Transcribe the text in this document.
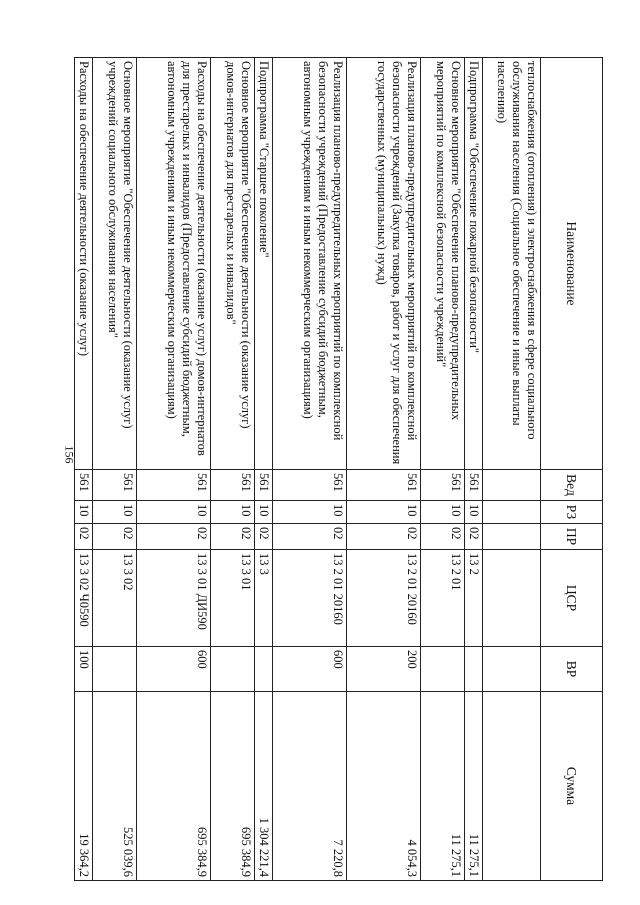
156
Наименование	Вед	РЗ	ПР	ЦСР	ВР	Сумма
теплоснабжения (отопления) и электроснабжения в сфере социального обслуживания населения (Социальное обеспечение и иные выплаты населению)						
Подпрограмма "Обеспечение пожарной безопасности"	561	10	02	13 2		11 275,1
Основное мероприятие "Обеспечение планово-предупредительных мероприятий по комплексной безопасности учреждений"	561	10	02	13 2 01		11 275,1
Реализация планово-предупредительных мероприятий по комплексной безопасности учреждений (Закупка товаров, работ и услуг для обеспечения государственных (муниципальных) нужд)	561	10	02	13 2 01 20160	200	4 054,3
Реализация планово-предупредительных мероприятий по комплексной безопасности учреждений (Предоставление субсидий бюджетным, автономным учреждениям и иным некоммерческим организациям)	561	10	02	13 2 01 20160	600	7 220,8
Подпрограмма "Старшее поколение"	561	10	02	13 3		1 304 221,4
Основное мероприятие "Обеспечение деятельности (оказание услуг) домов-интернатов для престарелых и инвалидов"	561	10	02	13 3 01		695 384,9
Расходы на обеспечение деятельности (оказание услуг) домов-интернатов для престарелых и инвалидов (Предоставление субсидий бюджетным, автономным учреждениям и иным некоммерческим организациям)	561	10	02	13 3 01 ДИ590	600	695 384,9
Основное мероприятие "Обеспечение деятельности (оказание услуг) учреждений социального обслуживания населения"	561	10	02	13 3 02		525 039,6
Расходы на обеспечение деятельности (оказание услуг)	561	10	02	13 3 02 Ч0590	100	19 364,2
